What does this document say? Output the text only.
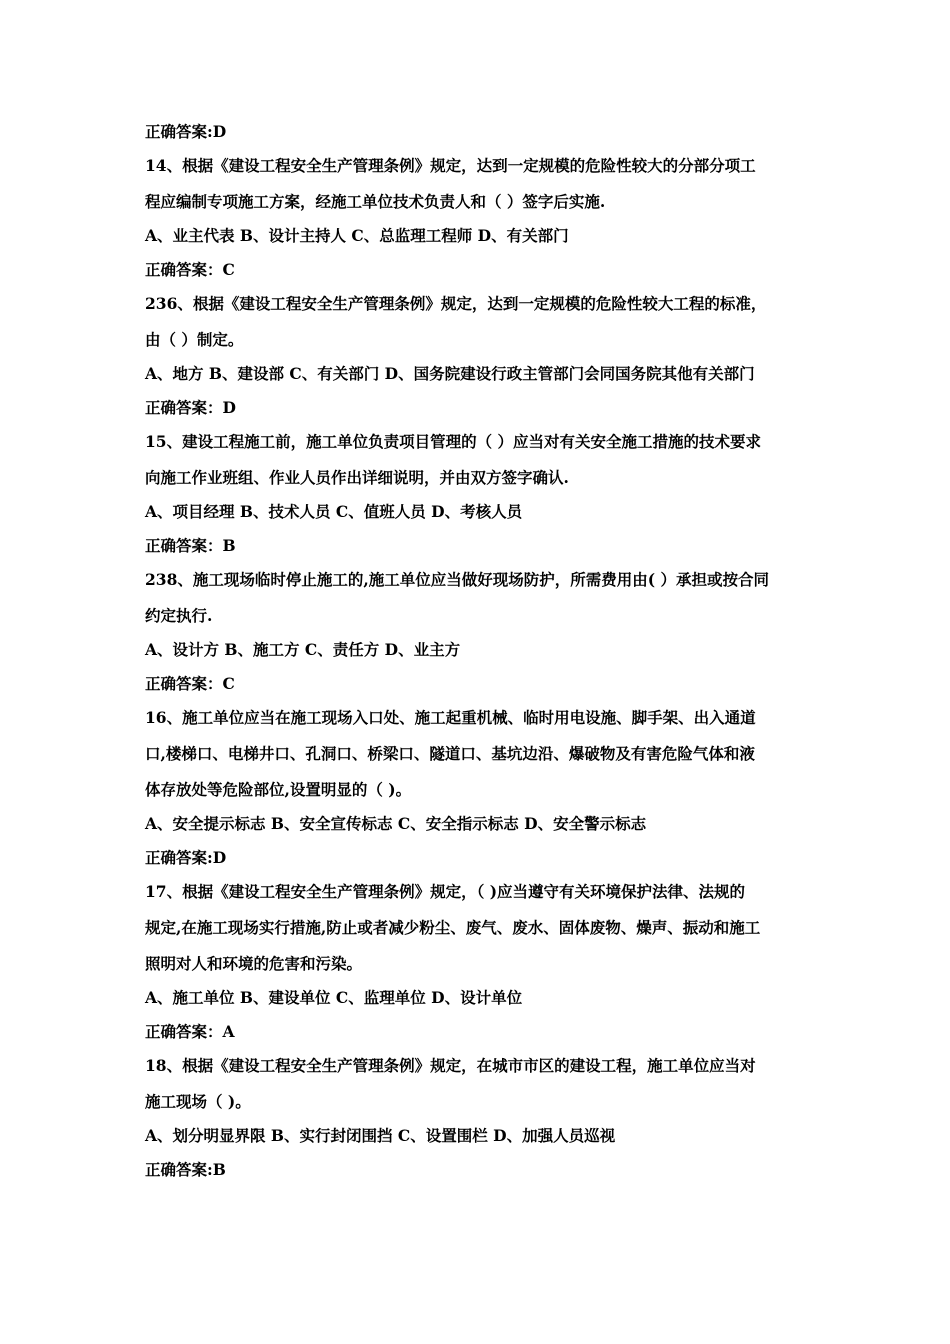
正确答案:D
14、根据《建设工程安全生产管理条例》规定，达到一定规模的危险性较大的分部分项工
程应编制专项施工方案，经施工单位技术负责人和（ ）签字后实施.
A、业主代表 B、设计主持人 C、总监理工程师 D、有关部门
正确答案：C
236、根据《建设工程安全生产管理条例》规定，达到一定规模的危险性较大工程的标准，
由（ ）制定。
A、地方 B、建设部 C、有关部门 D、国务院建设行政主管部门会同国务院其他有关部门
正确答案：D
15、建设工程施工前，施工单位负责项目管理的（ ）应当对有关安全施工措施的技术要求
向施工作业班组、作业人员作出详细说明，并由双方签字确认.
A、项目经理 B、技术人员 C、值班人员 D、考核人员
正确答案：B
238、施工现场临时停止施工的,施工单位应当做好现场防护，所需费用由( ）承担或按合同
约定执行.
A、设计方 B、施工方 C、责任方 D、业主方
正确答案：C
16、施工单位应当在施工现场入口处、施工起重机械、临时用电设施、脚手架、出入通道
口,楼梯口、电梯井口、孔洞口、桥梁口、隧道口、基坑边沿、爆破物及有害危险气体和液
体存放处等危险部位,设置明显的（ )。
A、安全提示标志 B、安全宣传标志 C、安全指示标志 D、安全警示标志
正确答案:D
17、根据《建设工程安全生产管理条例》规定，（ )应当遵守有关环境保护法律、法规的
规定,在施工现场实行措施,防止或者减少粉尘、废气、废水、固体废物、燥声、振动和施工
照明对人和环境的危害和污染。
A、施工单位 B、建设单位 C、监理单位 D、设计单位
正确答案：A
18、根据《建设工程安全生产管理条例》规定，在城市市区的建设工程，施工单位应当对
施工现场（ )。
A、划分明显界限 B、实行封闭围挡 C、设置围栏 D、加强人员巡视
正确答案:B
